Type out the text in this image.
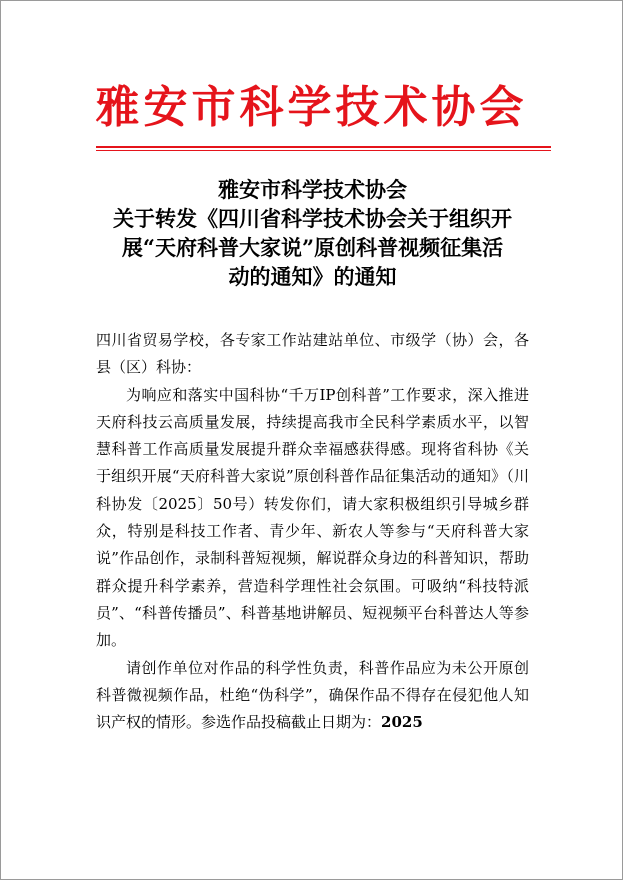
雅安市科学技术协会
雅安市科学技术协会
关于转发《四川省科学技术协会关于组织开
展“天府科普大家说”原创科普视频征集活
动的通知》的通知

四川省贸易学校，各专家工作站建站单位、市级学（协）会，各县（区）科协：

为响应和落实中国科协“千万IP创科普”工作要求，深入推进天府科技云高质量发展，持续提高我市全民科学素质水平，以智慧科普工作高质量发展提升群众幸福感获得感。现将省科协《关于组织开展“天府科普大家说”原创科普作品征集活动的通知》（川科协发〔2025〕50号）转发你们，请大家积极组织引导城乡群众，特别是科技工作者、青少年、新农人等参与“天府科普大家说”作品创作，录制科普短视频，解说群众身边的科普知识，帮助群众提升科学素养，营造科学理性社会氛围。可吸纳“科技特派员”、“科普传播员”、科普基地讲解员、短视频平台科普达人等参加。

请创作单位对作品的科学性负责，科普作品应为未公开原创科普微视频作品，杜绝“伪科学”，确保作品不得存在侵犯他人知识产权的情形。参选作品投稿截止日期为：2025
